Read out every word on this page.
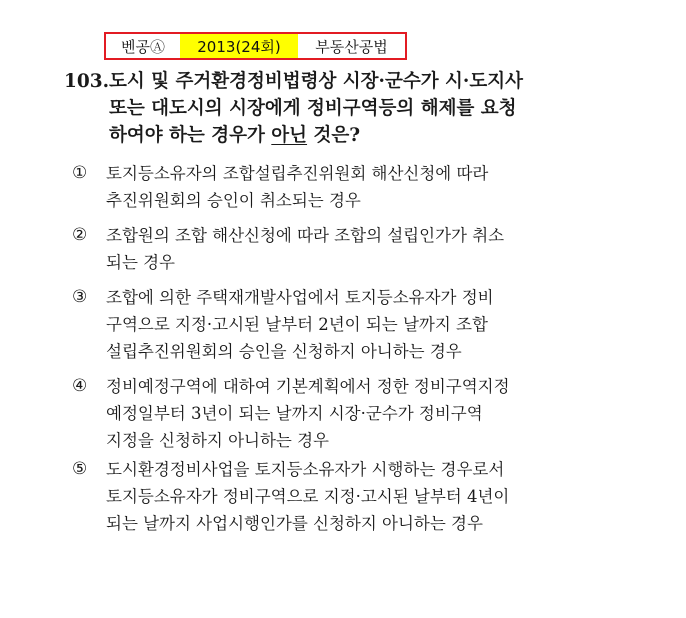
벤공Ⓐ	2013(24회)	부동산공법
103. 도시 및 주거환경정비법령상 시장·군수가 시·도지사
또는 대도시의 시장에게 정비구역등의 해제를 요청
하여야 하는 경우가 아닌 것은?
①	토지등소유자의 조합설립추진위원회 해산신청에 따라
추진위원회의 승인이 취소되는 경우
②	조합원의 조합 해산신청에 따라 조합의 설립인가가 취소
되는 경우
③	조합에 의한 주택재개발사업에서 토지등소유자가 정비
구역으로 지정·고시된 날부터 2년이 되는 날까지 조합
설립추진위원회의 승인을 신청하지 아니하는 경우
④	정비예정구역에 대하여 기본계획에서 정한 정비구역지정
예정일부터 3년이 되는 날까지 시장·군수가 정비구역
지정을 신청하지 아니하는 경우
⑤	도시환경정비사업을 토지등소유자가 시행하는 경우로서
토지등소유자가 정비구역으로 지정·고시된 날부터 4년이
되는 날까지 사업시행인가를 신청하지 아니하는 경우
